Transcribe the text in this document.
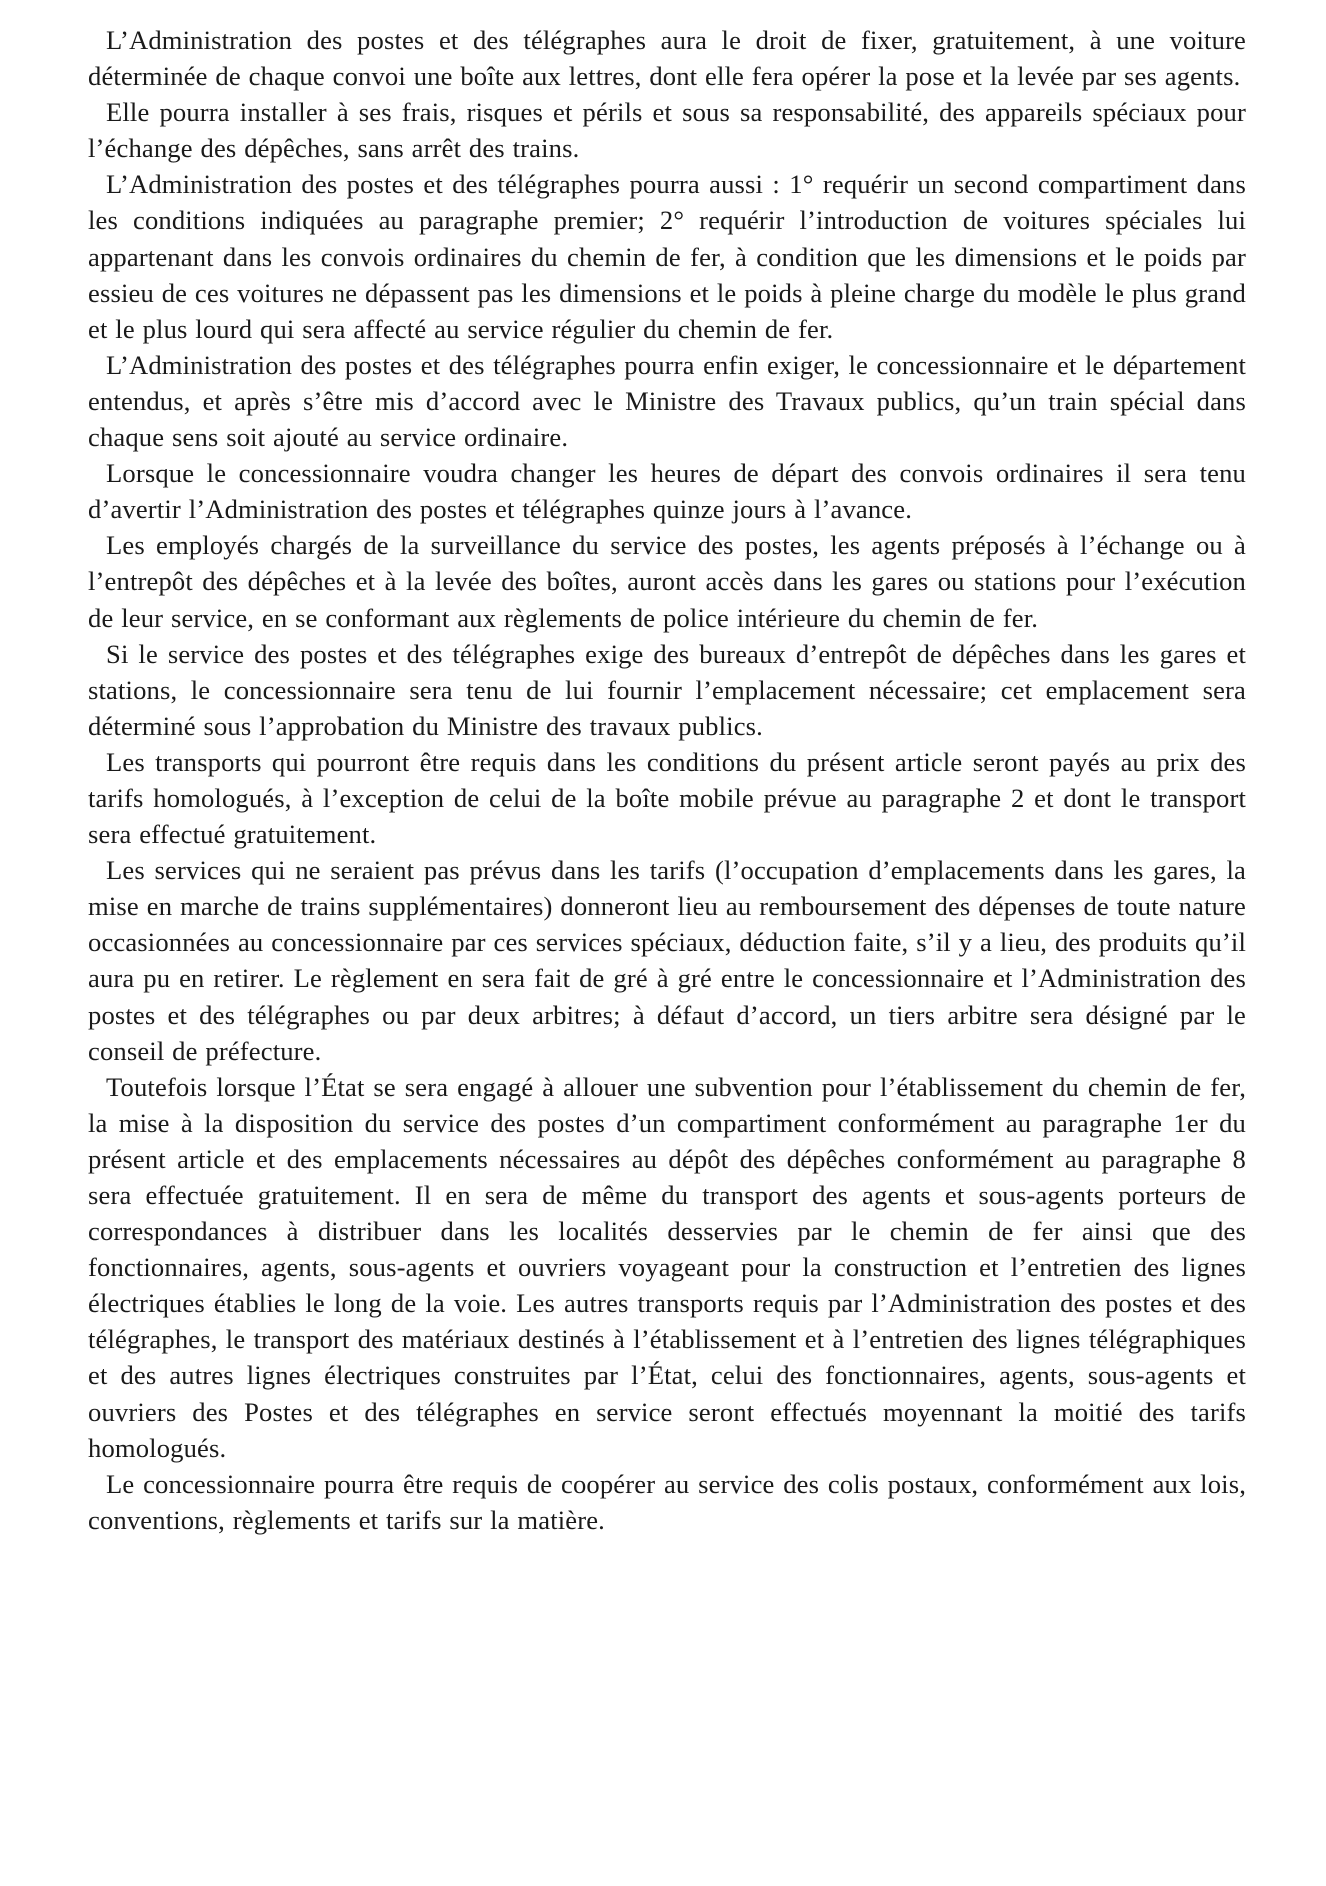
L’Administration des postes et des télégraphes aura le droit de fixer, gratuitement, à une voiture déterminée de chaque convoi une boîte aux lettres, dont elle fera opérer la pose et la levée par ses agents.

Elle pourra installer à ses frais, risques et périls et sous sa responsabilité, des appareils spéciaux pour l’échange des dépêches, sans arrêt des trains.

L’Administration des postes et des télégraphes pourra aussi : 1° requérir un second compartiment dans les conditions indiquées au paragraphe premier; 2° requérir l’introduction de voitures spéciales lui appartenant dans les convois ordinaires du chemin de fer, à condition que les dimensions et le poids par essieu de ces voitures ne dépassent pas les dimensions et le poids à pleine charge du modèle le plus grand et le plus lourd qui sera affecté au service régulier du chemin de fer.

L’Administration des postes et des télégraphes pourra enfin exiger, le concessionnaire et le département entendus, et après s’être mis d’accord avec le Ministre des Travaux publics, qu’un train spécial dans chaque sens soit ajouté au service ordinaire.

Lorsque le concessionnaire voudra changer les heures de départ des convois ordinaires il sera tenu d’avertir l’Administration des postes et télégraphes quinze jours à l’avance.

Les employés chargés de la surveillance du service des postes, les agents préposés à l’échange ou à l’entrepôt des dépêches et à la levée des boîtes, auront accès dans les gares ou stations pour l’exécution de leur service, en se conformant aux règlements de police intérieure du chemin de fer.

Si le service des postes et des télégraphes exige des bureaux d’entrepôt de dépêches dans les gares et stations, le concessionnaire sera tenu de lui fournir l’emplacement nécessaire; cet emplacement sera déterminé sous l’approbation du Ministre des travaux publics.

Les transports qui pourront être requis dans les conditions du présent article seront payés au prix des tarifs homologués, à l’exception de celui de la boîte mobile prévue au paragraphe 2 et dont le transport sera effectué gratuitement.

Les services qui ne seraient pas prévus dans les tarifs (l’occupation d’emplacements dans les gares, la mise en marche de trains supplémentaires) donneront lieu au remboursement des dépenses de toute nature occasionnées au concessionnaire par ces services spéciaux, déduction faite, s’il y a lieu, des produits qu’il aura pu en retirer. Le règlement en sera fait de gré à gré entre le concessionnaire et l’Administration des postes et des télégraphes ou par deux arbitres; à défaut d’accord, un tiers arbitre sera désigné par le conseil de préfecture.

Toutefois lorsque l’État se sera engagé à allouer une subvention pour l’établissement du chemin de fer, la mise à la disposition du service des postes d’un compartiment conformément au paragraphe 1er du présent article et des emplacements nécessaires au dépôt des dépêches conformément au paragraphe 8 sera effectuée gratuitement. Il en sera de même du transport des agents et sous-agents porteurs de correspondances à distribuer dans les localités desservies par le chemin de fer ainsi que des fonctionnaires, agents, sous-agents et ouvriers voyageant pour la construction et l’entretien des lignes électriques établies le long de la voie. Les autres transports requis par l’Administration des postes et des télégraphes, le transport des matériaux destinés à l’établissement et à l’entretien des lignes télégraphiques et des autres lignes électriques construites par l’État, celui des fonctionnaires, agents, sous-agents et ouvriers des Postes et des télégraphes en service seront effectués moyennant la moitié des tarifs homologués.

Le concessionnaire pourra être requis de coopérer au service des colis postaux, conformément aux lois, conventions, règlements et tarifs sur la matière.
